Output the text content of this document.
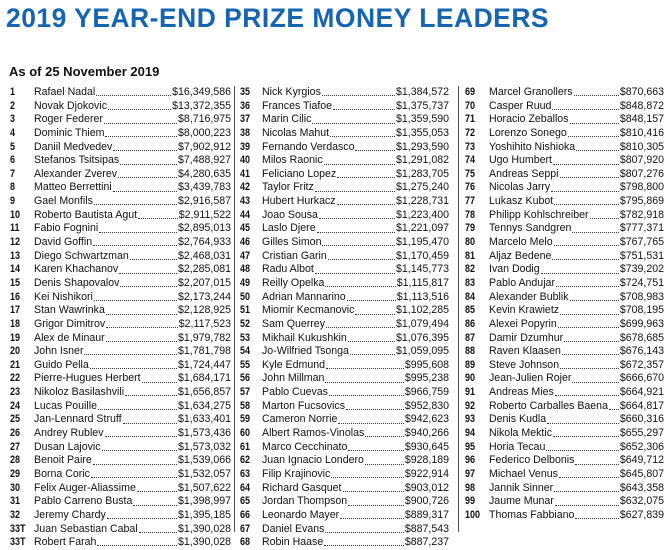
2019 YEAR-END PRIZE MONEY LEADERS

As of 25 November 2019

1 Rafael Nadal	$16,349,586
2 Novak Djokovic	$13,372,355
3 Roger Federer	$8,716,975
4 Dominic Thiem	$8,000,223
5 Daniil Medvedev	$7,902,912
6 Stefanos Tsitsipas	$7,488,927
7 Alexander Zverev	$4,280,635
8 Matteo Berrettini	$3,439,783
9 Gael Monfils	$2,916,587
10 Roberto Bautista Agut	$2,911,522
11 Fabio Fognini	$2,895,013
12 David Goffin	$2,764,933
13 Diego Schwartzman	$2,468,031
14 Karen Khachanov	$2,285,081
15 Denis Shapovalov	$2,207,015
16 Kei Nishikori	$2,173,244
17 Stan Wawrinka	$2,128,925
18 Grigor Dimitrov	$2,117,523
19 Alex de Minaur	$1,979,782
20 John Isner	$1,781,798
21 Guido Pella	$1,724,447
22 Pierre-Hugues Herbert	$1,684,171
23 Nikoloz Basilashvili	$1,656,857
24 Lucas Pouille	$1,634,275
25 Jan-Lennard Struff	$1,633,401
26 Andrey Rublev	$1,573,436
27 Dusan Lajovic	$1,573,032
28 Benoit Paire	$1,539,066
29 Borna Coric	$1,532,057
30 Felix Auger-Aliassime	$1,507,622
31 Pablo Carreno Busta	$1,398,997
32 Jeremy Chardy	$1,395,185
33T Juan Sebastian Cabal	$1,390,028
33T Robert Farah	$1,390,028
35 Nick Kyrgios	$1,384,572
36 Frances Tiafoe	$1,375,737
37 Marin Cilic	$1,359,590
38 Nicolas Mahut	$1,355,053
39 Fernando Verdasco	$1,293,590
40 Milos Raonic	$1,291,082
41 Feliciano Lopez	$1,283,705
42 Taylor Fritz	$1,275,240
43 Hubert Hurkacz	$1,228,731
44 Joao Sousa	$1,223,400
45 Laslo Djere	$1,221,097
46 Gilles Simon	$1,195,470
47 Cristian Garin	$1,170,459
48 Radu Albot	$1,145,773
49 Reilly Opelka	$1,115,817
50 Adrian Mannarino	$1,113,516
51 Miomir Kecmanovic	$1,102,285
52 Sam Querrey	$1,079,494
53 Mikhail Kukushkin	$1,076,395
54 Jo-Wilfried Tsonga	$1,059,095
55 Kyle Edmund	$995,608
56 John Millman	$995,238
57 Pablo Cuevas	$966,759
58 Marton Fucsovics	$952,830
59 Cameron Norrie	$942,623
60 Albert Ramos-Vinolas	$940,266
61 Marco Cecchinato	$930,645
62 Juan Ignacio Londero	$928,189
63 Filip Krajinovic	$922,914
64 Richard Gasquet	$903,012
65 Jordan Thompson	$900,726
66 Leonardo Mayer	$889,317
67 Daniel Evans	$887,543
68 Robin Haase	$887,237
69 Marcel Granollers	$870,663
70 Casper Ruud	$848,872
71 Horacio Zeballos	$848,157
72 Lorenzo Sonego	$810,416
73 Yoshihito Nishioka	$810,305
74 Ugo Humbert	$807,920
75 Andreas Seppi	$807,276
76 Nicolas Jarry	$798,800
77 Lukasz Kubot	$795,869
78 Philipp Kohlschreiber	$782,918
79 Tennys Sandgren	$777,371
80 Marcelo Melo	$767,765
81 Aljaz Bedene	$751,531
82 Ivan Dodig	$739,202
83 Pablo Andujar	$724,751
84 Alexander Bublik	$708,983
85 Kevin Krawietz	$708,195
86 Alexei Popyrin	$699,963
87 Damir Dzumhur	$678,685
88 Raven Klaasen	$676,143
89 Steve Johnson	$672,357
90 Jean-Julien Rojer	$666,670
91 Andreas Mies	$664,921
92 Roberto Carballes Baena $664,817
93 Denis Kudla	$660,316
94 Nikola Mektic	$655,297
95 Horia Tecau	$652,306
96 Federico Delbonis	$649,712
97 Michael Venus	$645,807
98 Jannik Sinner	$643,358
99 Jaume Munar	$632,075
100 Thomas Fabbiano	$627,839
